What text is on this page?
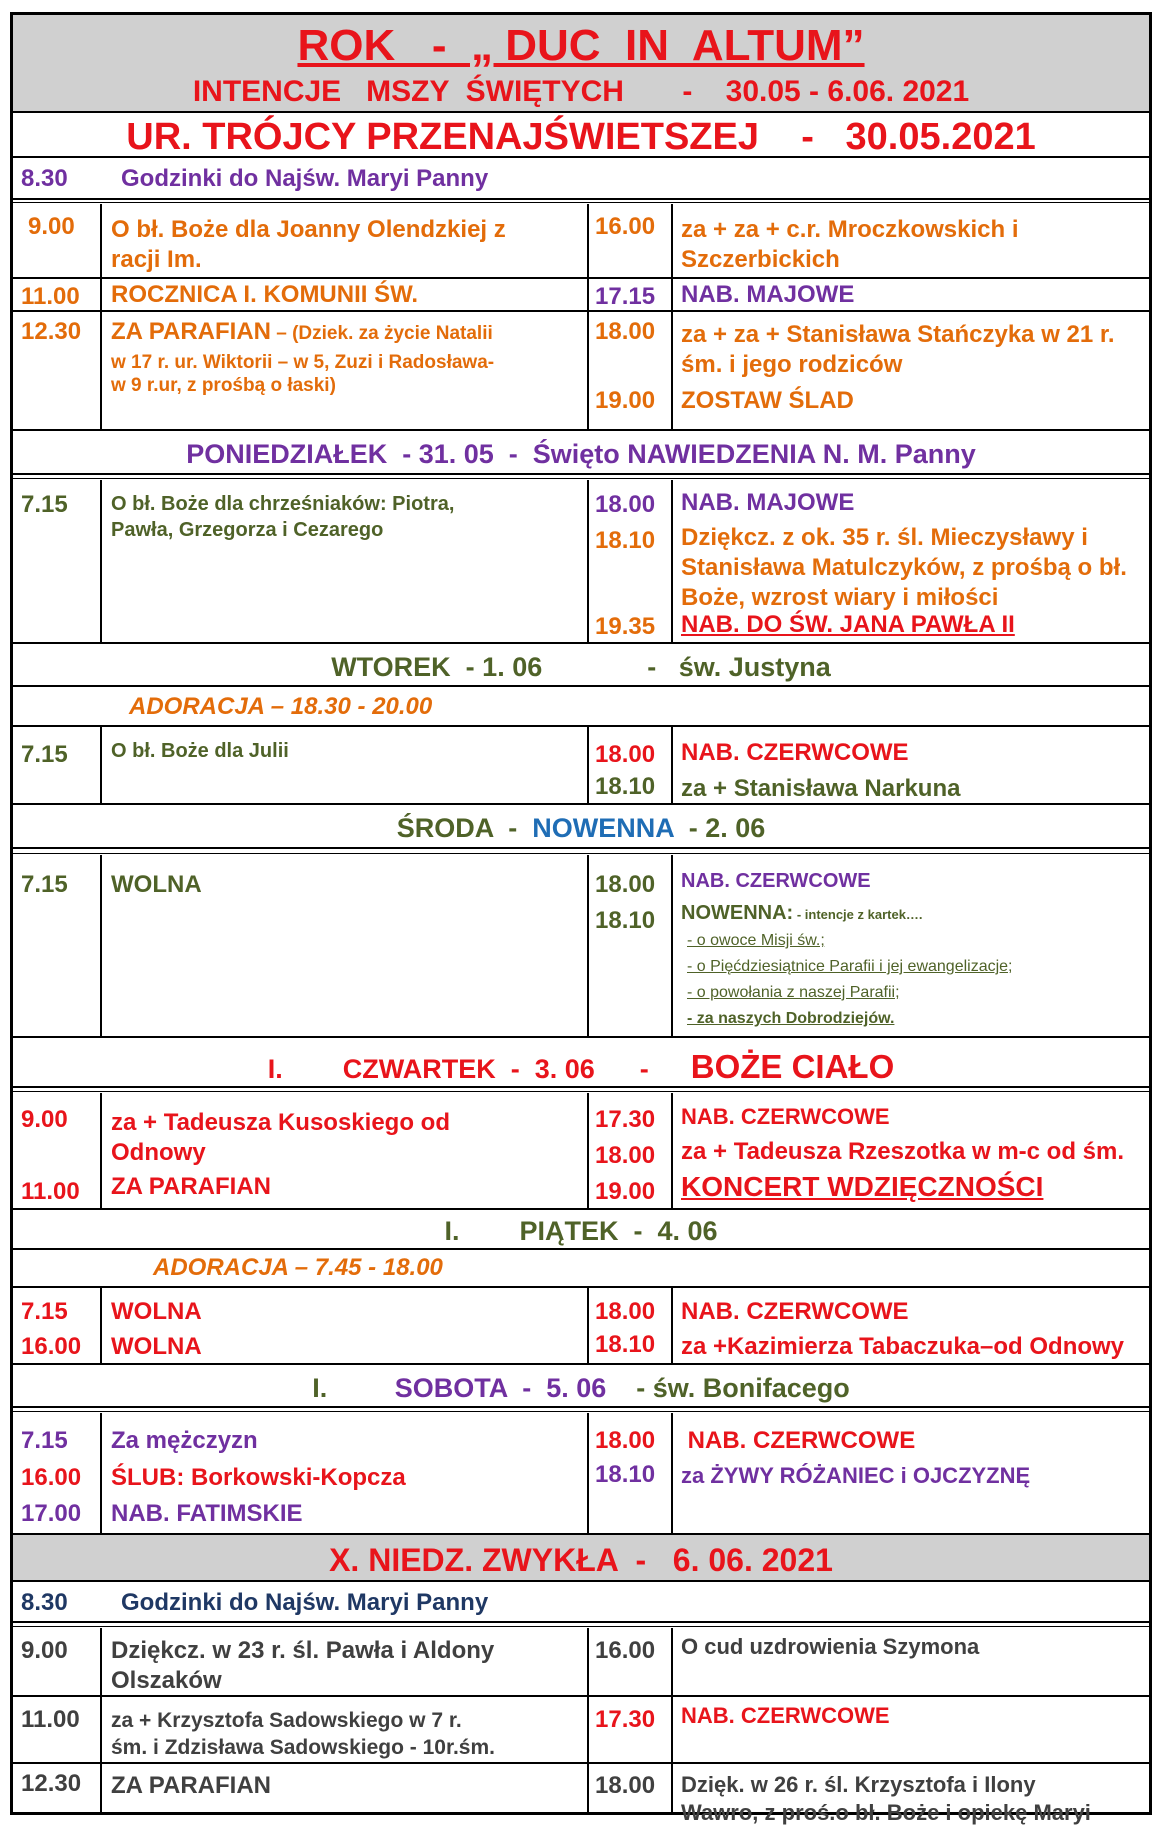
ROK   -  „ DUC  IN  ALTUM”
INTENCJE   MSZY  ŚWIĘTYCH       -    30.05 - 6.06. 2021
UR. TRÓJCY PRZENAJŚWIETSZEJ    -   30.05.2021
8.30 Godzinki do Najśw. Maryi Panny
9.00 O bł. Boże dla Joanny Olendzkiej z
racji Im.
16.00 za + za + c.r. Mroczkowskich i
Szczerbickich
11.00 ROCZNICA I. KOMUNII ŚW.	17.15 NAB. MAJOWE
12.30 ZA PARAFIAN – (Dziek. za życie Natalii
w 17 r. ur. Wiktorii – w 5, Zuzi i Radosława-
w 9 r.ur, z prośbą o łaski)
18.00 za + za + Stanisława Stańczyka w 21 r.
śm. i jego rodziców
19.00 ZOSTAW ŚLAD
PONIEDZIAŁEK  - 31. 05  -  Święto NAWIEDZENIA N. M. Panny
7.15 O bł. Boże dla chrześniaków: Piotra,
Pawła, Grzegorza i Cezarego
18.00 NAB. MAJOWE
18.10 Dziękcz. z ok. 35 r. śl. Mieczysławy i
Stanisława Matulczyków, z prośbą o bł.
Boże, wzrost wiary i miłości
19.35 NAB. DO ŚW. JANA PAWŁA II
WTOREK  - 1. 06              -   św. Justyna
ADORACJA – 18.30 - 20.00
7.15 O bł. Boże dla Julii	18.00 NAB. CZERWCOWE
18.10 za + Stanisława Narkuna
ŚRODA  -  NOWENNA  - 2. 06
7.15 WOLNA	18.00 NAB. CZERWCOWE
18.10 NOWENNA: - intencje z kartek….
- o owoce Misji św.;
- o Pięćdziesiątnice Parafii i jej ewangelizacje;
- o powołania z naszej Parafii;
- za naszych Dobrodziejów.
I.        CZWARTEK  -  3. 06      - BOŻE CIAŁO
9.00 za + Tadeusza Kusoskiego od
Odnowy
11.00 ZA PARAFIAN
17.30 NAB. CZERWCOWE
18.00 za + Tadeusza Rzeszotka w m-c od śm.
19.00 KONCERT WDZIĘCZNOŚCI
I.        PIĄTEK  -  4. 06
ADORACJA – 7.45 - 18.00
7.15 WOLNA
16.00 WOLNA
18.00 NAB. CZERWCOWE
18.10 za +Kazimierza Tabaczuka–od Odnowy
I.         SOBOTA  -  5. 06    - św. Bonifacego
7.15 Za mężczyzn
16.00 ŚLUB: Borkowski-Kopcza
17.00 NAB. FATIMSKIE
18.00 NAB. CZERWCOWE
18.10 za ŻYWY RÓŻANIEC i OJCZYZNĘ
X. NIEDZ. ZWYKŁA  -   6. 06. 2021
8.30 Godzinki do Najśw. Maryi Panny
9.00 Dziękcz. w 23 r. śl. Pawła i Aldony
Olszaków
16.00 O cud uzdrowienia Szymona
11.00 za + Krzysztofa Sadowskiego w 7 r.
śm. i Zdzisława Sadowskiego - 10r.śm.
17.30 NAB. CZERWCOWE
12.30 ZA PARAFIAN	18.00 Dzięk. w 26 r. śl. Krzysztofa i Ilony
Wawro, z proś.o bł. Boże i opiekę Maryi
